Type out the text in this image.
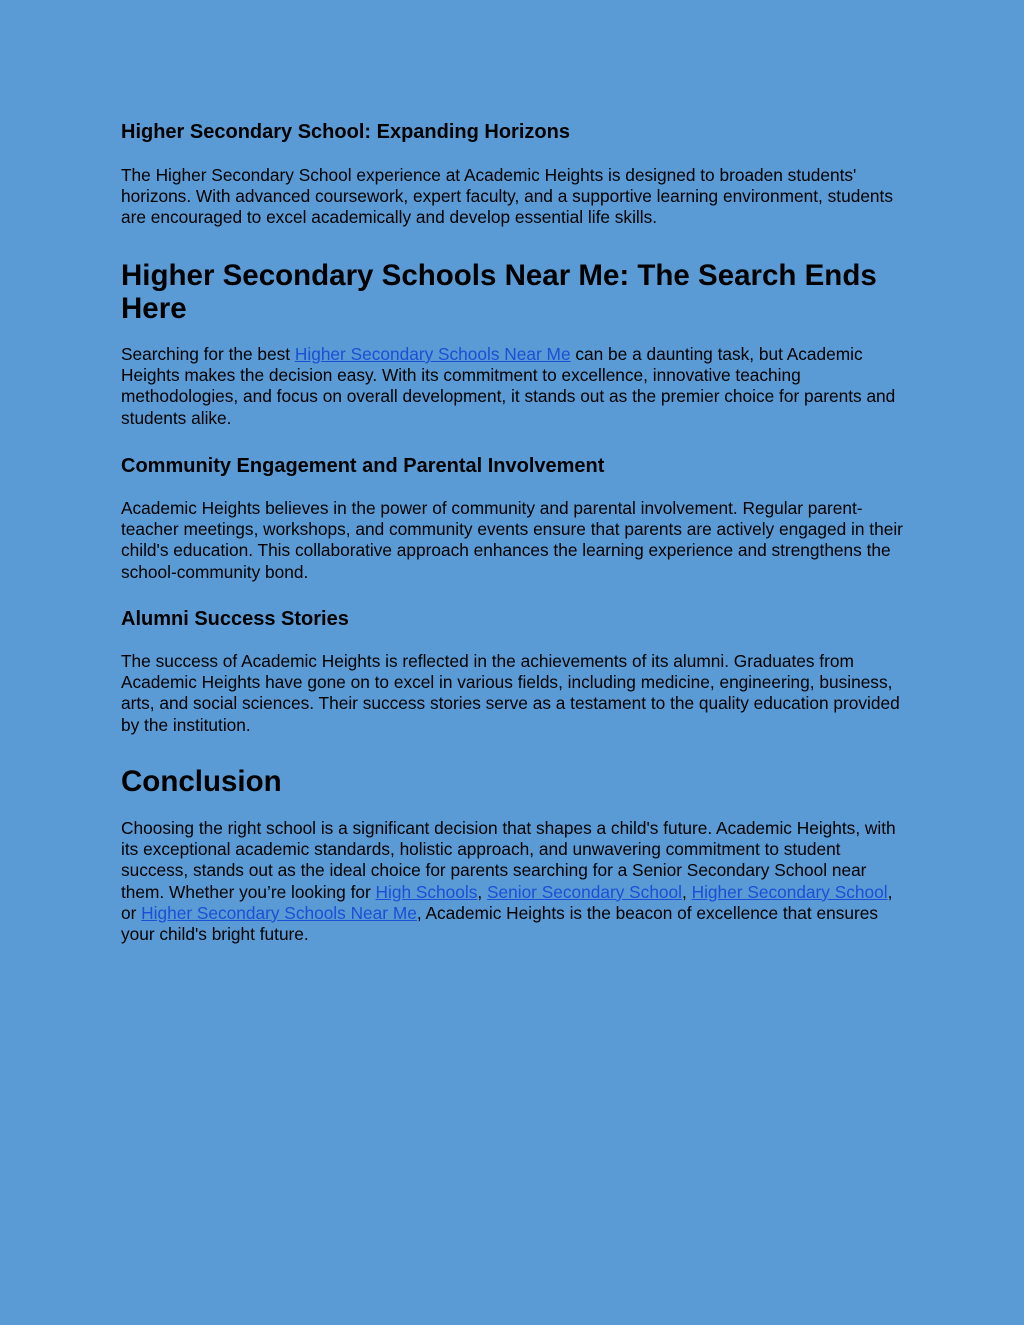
Higher Secondary School: Expanding Horizons

The Higher Secondary School experience at Academic Heights is designed to broaden students' horizons. With advanced coursework, expert faculty, and a supportive learning environment, students are encouraged to excel academically and develop essential life skills.

Higher Secondary Schools Near Me: The Search Ends Here

Searching for the best Higher Secondary Schools Near Me can be a daunting task, but Academic Heights makes the decision easy. With its commitment to excellence, innovative teaching methodologies, and focus on overall development, it stands out as the premier choice for parents and students alike.

Community Engagement and Parental Involvement

Academic Heights believes in the power of community and parental involvement. Regular parent-teacher meetings, workshops, and community events ensure that parents are actively engaged in their child's education. This collaborative approach enhances the learning experience and strengthens the school-community bond.

Alumni Success Stories

The success of Academic Heights is reflected in the achievements of its alumni. Graduates from Academic Heights have gone on to excel in various fields, including medicine, engineering, business, arts, and social sciences. Their success stories serve as a testament to the quality education provided by the institution.

Conclusion

Choosing the right school is a significant decision that shapes a child's future. Academic Heights, with its exceptional academic standards, holistic approach, and unwavering commitment to student success, stands out as the ideal choice for parents searching for a Senior Secondary School near them. Whether you’re looking for High Schools, Senior Secondary School, Higher Secondary School, or Higher Secondary Schools Near Me, Academic Heights is the beacon of excellence that ensures your child's bright future.
